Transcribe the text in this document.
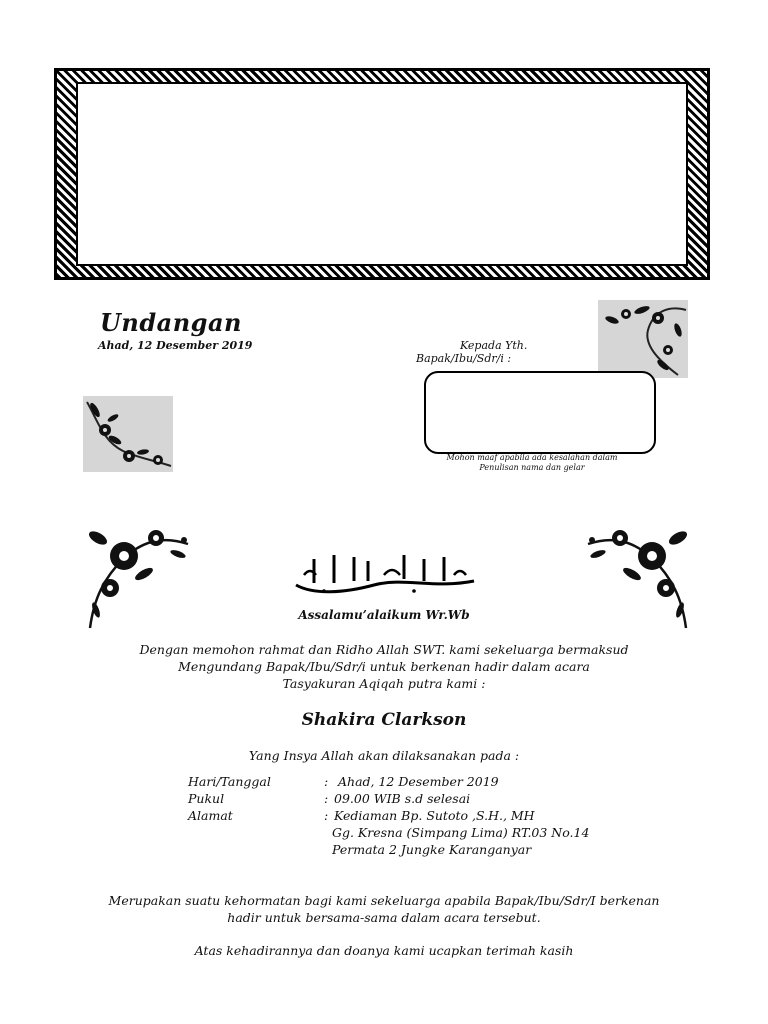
Undangan
Ahad, 12 Desember 2019	Kepada Yth.
Bapak/Ibu/Sdr/i :
Mohon maaf apabila ada kesalahan dalam
Penulisan nama dan gelar
Assalamu’alaikum Wr.Wb
Dengan memohon rahmat dan Ridho Allah SWT. kami sekeluarga bermaksud
Mengundang Bapak/Ibu/Sdr/i untuk berkenan hadir dalam acara
Tasyakuran Aqiqah putra kami :
Shakira Clarkson
Yang Insya Allah akan dilaksanakan pada :
Hari/Tanggal	: Ahad, 12 Desember 2019
Pukul	: 09.00 WIB s.d selesai
Alamat	: Kediaman Bp. Sutoto ,S.H., MH
Gg. Kresna (Simpang Lima) RT.03 No.14
Permata 2 Jungke Karanganyar
Merupakan suatu kehormatan bagi kami sekeluarga apabila Bapak/Ibu/Sdr/I berkenan
hadir untuk bersama-sama dalam acara tersebut.
Atas kehadirannya dan doanya kami ucapkan terimah kasih
